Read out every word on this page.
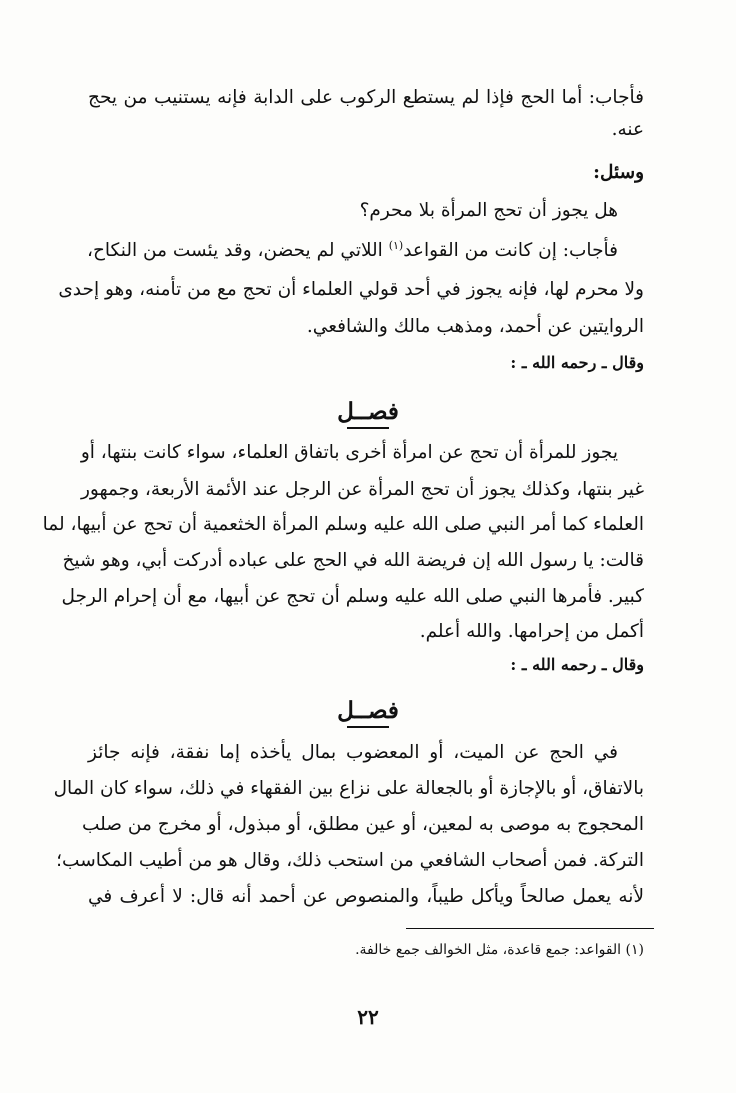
فأجاب: أما الحج فإذا لم يستطع الركوب على الدابة فإنه يستنيب من يحج
عنه.
وسئل:
هل يجوز أن تحج المرأة بلا محرم؟
فأجاب: إن كانت من القواعد$^{(١)}$ اللاتي لم يحضن، وقد يئست من النكاح،
ولا محرم لها، فإنه يجوز في أحد قولي العلماء أن تحج مع من تأمنه، وهو إحدى
الروايتين عن أحمد، ومذهب مالك والشافعي.
وقال ـ رحمه الله ـ :
فصــل
يجوز للمرأة أن تحج عن امرأة أخرى باتفاق العلماء، سواء كانت بنتها، أو
غير بنتها، وكذلك يجوز أن تحج المرأة عن الرجل عند الأئمة الأربعة، وجمهور
العلماء كما أمر النبي صلى الله عليه وسلم المرأة الخثعمية أن تحج عن أبيها، لما
قالت: يا رسول الله إن فريضة الله في الحج على عباده أدركت أبي، وهو شيخ
كبير. فأمرها النبي صلى الله عليه وسلم أن تحج عن أبيها، مع أن إحرام الرجل
أكمل من إحرامها. والله أعلم.
وقال ـ رحمه الله ـ :
فصــل
في الحج عن الميت، أو المعضوب بمال يأخذه إما نفقة، فإنه جائز
بالاتفاق، أو بالإجازة أو بالجعالة على نزاع بين الفقهاء في ذلك، سواء كان المال
المحجوج به موصى به لمعين، أو عين مطلق، أو مبذول، أو مخرج من صلب
التركة. فمن أصحاب الشافعي من استحب ذلك، وقال هو من أطيب المكاسب؛
لأنه يعمل صالحاً ويأكل طيباً، والمنصوص عن أحمد أنه قال: لا أعرف في
(١) القواعد: جمع قاعدة، مثل الخوالف جمع خالفة.
٢٢
